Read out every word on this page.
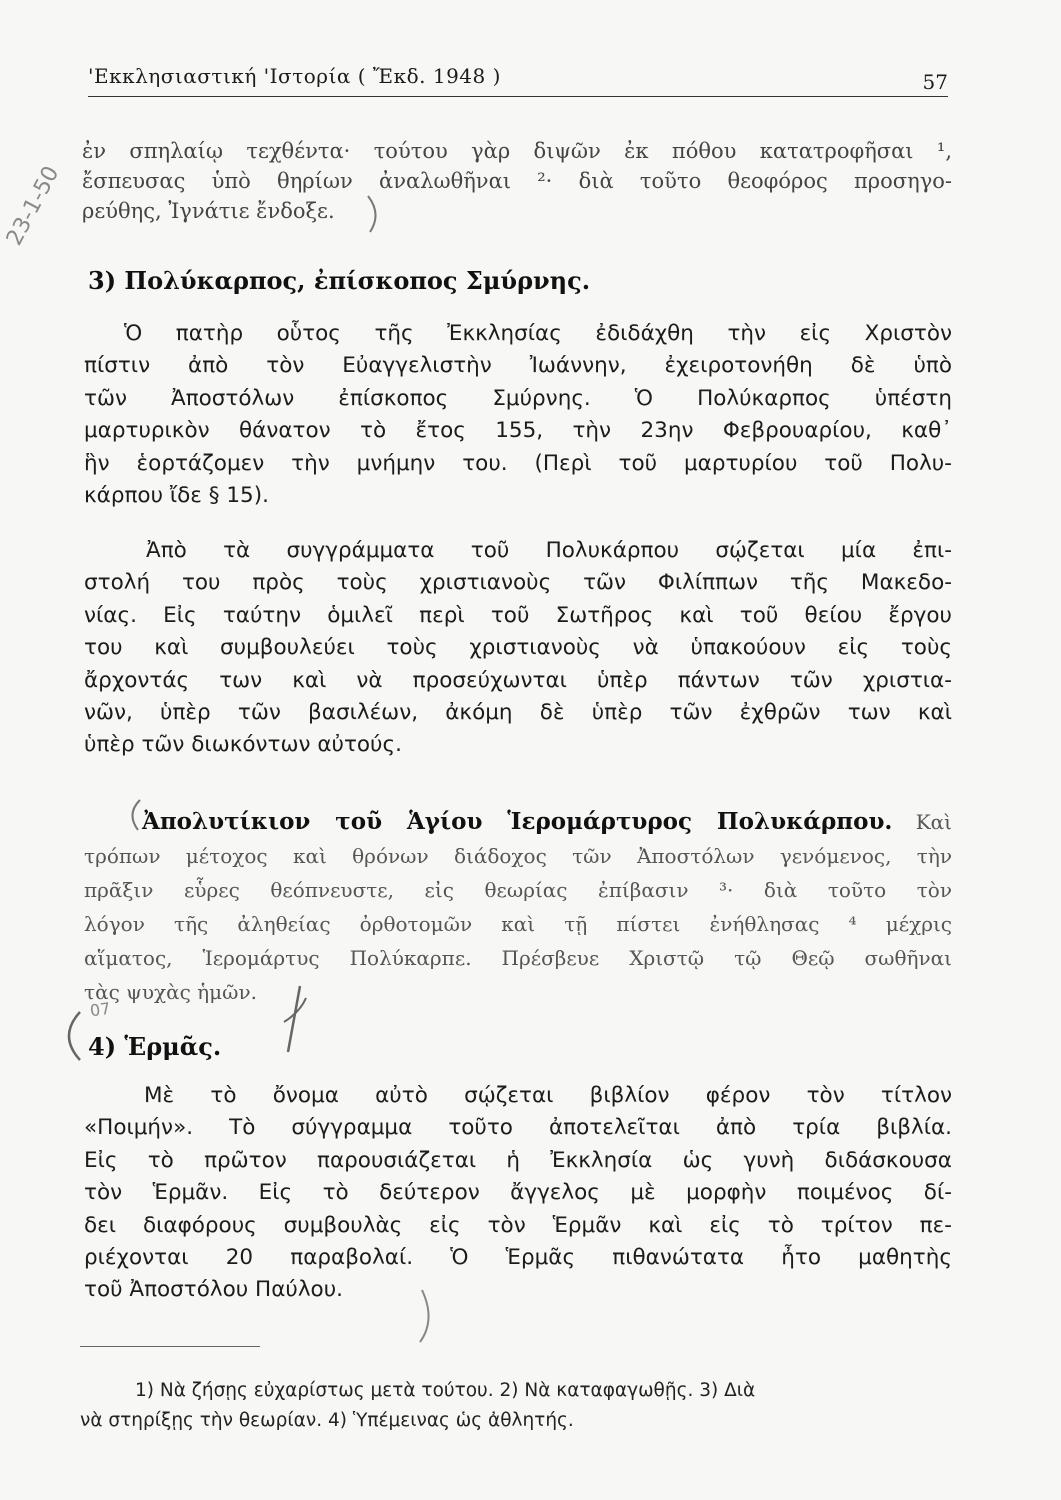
'Εκκλησιαστική 'Ιστορία ( Ἔκδ. 1948 )	57
ἐν σπηλαίῳ τεχθέντα· τούτου γὰρ διψῶν ἐκ πόθου κατατροφῆσαι ¹,
ἔσπευσας ὑπὸ θηρίων ἀναλωθῆναι ²· διὰ τοῦτο θεοφόρος προσηγο-
ρεύθης, Ἰγνάτιε ἔνδοξε.
3) Πολύκαρπος, ἐπίσκοπος Σμύρνης.
Ὁ πατὴρ οὗτος τῆς Ἐκκλησίας ἐδιδάχθη τὴν εἰς Χριστὸν
πίστιν ἀπὸ τὸν Εὐαγγελιστὴν Ἰωάννην, ἐχειροτονήθη δὲ ὑπὸ
τῶν Ἀποστόλων ἐπίσκοπος Σμύρνης. Ὁ Πολύκαρπος ὑπέστη
μαρτυρικὸν θάνατον τὸ ἔτος 155, τὴν 23ην Φεβρουαρίου, καθ᾽
ἣν ἑορτάζομεν τὴν μνήμην του. (Περὶ τοῦ μαρτυρίου τοῦ Πολυ-
κάρπου ἴδε § 15).
Ἀπὸ τὰ συγγράμματα τοῦ Πολυκάρπου σῴζεται μία ἐπι-
στολή του πρὸς τοὺς χριστιανοὺς τῶν Φιλίππων τῆς Μακεδο-
νίας. Εἰς ταύτην ὁμιλεῖ περὶ τοῦ Σωτῆρος καὶ τοῦ θείου ἔργου
του καὶ συμβουλεύει τοὺς χριστιανοὺς νὰ ὑπακούουν εἰς τοὺς
ἄρχοντάς των καὶ νὰ προσεύχωνται ὑπὲρ πάντων τῶν χριστια-
νῶν, ὑπὲρ τῶν βασιλέων, ἀκόμη δὲ ὑπὲρ τῶν ἐχθρῶν των καὶ
ὑπὲρ τῶν διωκόντων αὐτούς.
Ἀπολυτίκιον τοῦ Ἁγίου Ἱερομάρτυρος Πολυκάρπου. Καὶ
τρόπων μέτοχος καὶ θρόνων διάδοχος τῶν Ἀποστόλων γενόμενος, τὴν
πρᾶξιν εὗρες θεόπνευστε, εἰς θεωρίας ἐπίβασιν ³· διὰ τοῦτο τὸν
λόγον τῆς ἀληθείας ὀρθοτομῶν καὶ τῇ πίστει ἐνήθλησας ⁴ μέχρις
αἵματος, Ἱερομάρτυς Πολύκαρπε. Πρέσβευε Χριστῷ τῷ Θεῷ σωθῆναι
τὰς ψυχὰς ἡμῶν.
4) Ἑρμᾶς.
Μὲ τὸ ὄνομα αὐτὸ σῴζεται βιβλίον φέρον τὸν τίτλον
«Ποιμήν». Τὸ σύγγραμμα τοῦτο ἀποτελεῖται ἀπὸ τρία βιβλία.
Εἰς τὸ πρῶτον παρουσιάζεται ἡ Ἐκκλησία ὡς γυνὴ διδάσκουσα
τὸν Ἑρμᾶν. Εἰς τὸ δεύτερον ἄγγελος μὲ μορφὴν ποιμένος δί-
δει διαφόρους συμβουλὰς εἰς τὸν Ἑρμᾶν καὶ εἰς τὸ τρίτον πε-
ριέχονται 20 παραβολαί. Ὁ Ἑρμᾶς πιθανώτατα ἦτο μαθητὴς
τοῦ Ἀποστόλου Παύλου.
1) Νὰ ζήσῃς εὐχαρίστως μετὰ τούτου. 2) Νὰ καταφαγωθῇς. 3) Διὰ
νὰ στηρίξῃς τὴν θεωρίαν. 4) Ὑπέμεινας ὡς ἀθλητής.
23-1-50
07
